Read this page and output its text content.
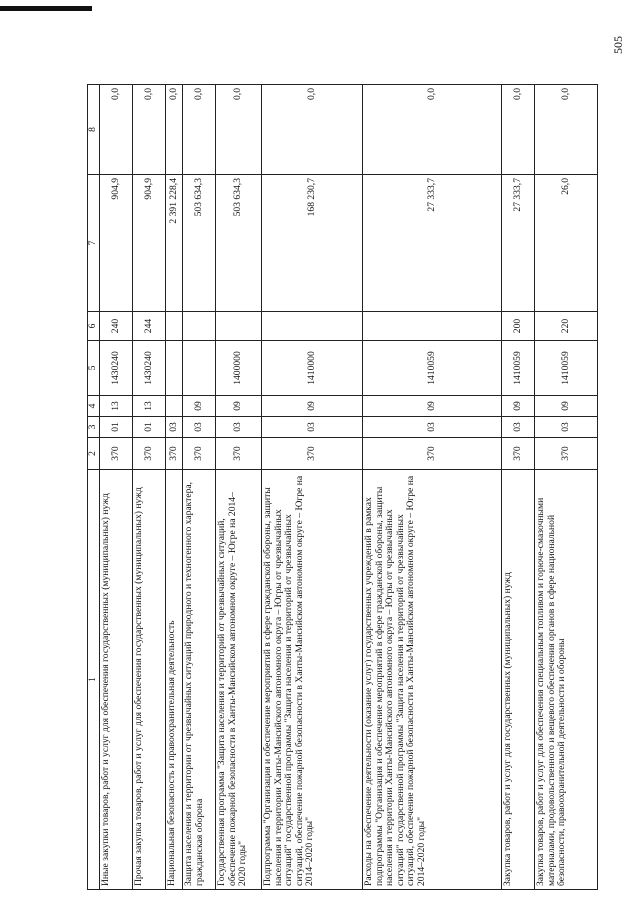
505
1	2	3	4	5	6	7	8
Иные закупки товаров, работ и услуг для обеспечения государственных (муниципальных) нужд	370	01	13	1430240	240	904,9	0,0
Прочая закупка товаров, работ и услуг для обеспечения государственных (муниципальных) нужд	370	01	13	1430240	244	904,9	0,0
Национальная безопасность и правоохранительная деятельность	370	03				2 391 228,4	0,0
Защита населения и территории от чрезвычайных ситуаций природного и техногенного характера, гражданская оборона	370	03	09			503 634,3	0,0
Государственная программа "Защита населения и территорий от чрезвычайных ситуаций, обеспечение пожарной безопасности в Ханты-Мансийском автономном округе – Югре на 2014–2020 годы"	370	03	09	1400000		503 634,3	0,0
Подпрограмма "Организация и обеспечение мероприятий в сфере гражданской обороны, защиты населения и территории Ханты-Мансийского автономного округа – Югры от чрезвычайных ситуаций" государственной программы "Защита населения и территорий от чрезвычайных ситуаций, обеспечение пожарной безопасности в Ханты-Мансийском автономном округе – Югре на 2014–2020 годы"	370	03	09	1410000		168 230,7	0,0
Расходы на обеспечение деятельности (оказание услуг) государственных учреждений в рамках подпрограммы "Организация и обеспечение мероприятий в сфере гражданской обороны, защиты населения и территории Ханты-Мансийского автономного округа – Югры от чрезвычайных ситуаций" государственной программы "Защита населения и территорий от чрезвычайных ситуаций, обеспечение пожарной безопасности в Ханты-Мансийском автономном округе – Югре на 2014–2020 годы"	370	03	09	1410059		27 333,7	0,0
Закупка товаров, работ и услуг для государственных (муниципальных) нужд	370	03	09	1410059	200	27 333,7	0,0
Закупка товаров, работ и услуг для обеспечения специальным топливом и горюче-смазочными материалами, продовольственного и вещевого обеспечения органов в сфере национальной безопасности, правоохранительной деятельности и обороны	370	03	09	1410059	220	26,0	0,0
